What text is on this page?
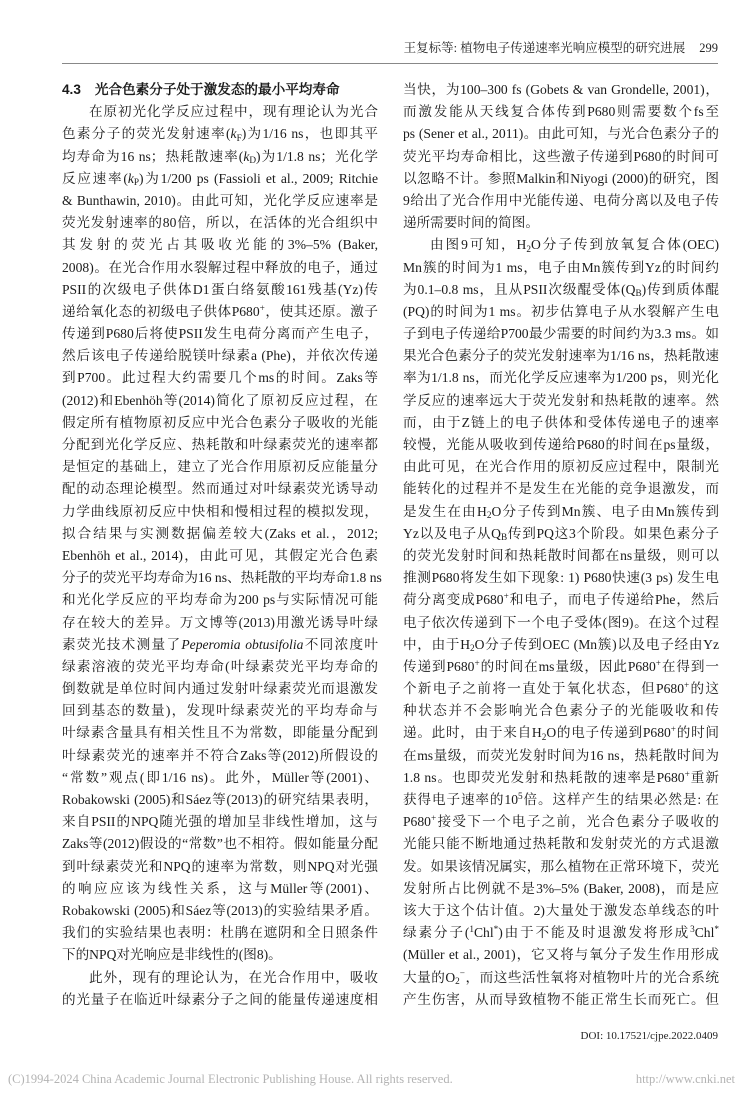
王复标等: 植物电子传递速率光响应模型的研究进展 299
4.3 光合色素分子处于激发态的最小平均寿命
在原初光化学反应过程中，现有理论认为光合
色素分子的荧光发射速率$(k_F)$为1/16 ns，也即其平
均寿命为16 ns；热耗散速率$(k_D)$为1/1.8 ns；光化学
反应速率$(k_P)$为1/200 ps (Fassioli et al., 2009; Ritchie
& Bunthawin, 2010)。由此可知，光化学反应速率是
荧光发射速率的80倍，所以，在活体的光合组织中
其发射的荧光占其吸收光能的3%–5% (Baker,
2008)。在光合作用水裂解过程中释放的电子，通过
PSII的次级电子供体D1蛋白络氨酸161残基(Yz)传
递给氧化态的初级电子供体P680+，使其还原。激子
传递到P680后将使PSII发生电荷分离而产生电子，
然后该电子传递给脱镁叶绿素a (Phe)，并依次传递
到P700。此过程大约需要几个ms的时间。Zaks等
(2012)和Ebenhöh等(2014)简化了原初反应过程，在
假定所有植物原初反应中光合色素分子吸收的光能
分配到光化学反应、热耗散和叶绿素荧光的速率都
是恒定的基础上，建立了光合作用原初反应能量分
配的动态理论模型。然而通过对叶绿素荧光诱导动
力学曲线原初反应中快相和慢相过程的模拟发现，
拟合结果与实测数据偏差较大(Zaks et al.，2012;
Ebenhöh et al., 2014)，由此可见，其假定光合色素
分子的荧光平均寿命为16 ns、热耗散的平均寿命1.8 ns
和光化学反应的平均寿命为200 ps与实际情况可能
存在较大的差异。万文博等(2013)用激光诱导叶绿
素荧光技术测量了Peperomia obtusifolia不同浓度叶
绿素溶液的荧光平均寿命(叶绿素荧光平均寿命的
倒数就是单位时间内通过发射叶绿素荧光而退激发
回到基态的数量)，发现叶绿素荧光的平均寿命与
叶绿素含量具有相关性且不为常数，即能量分配到
叶绿素荧光的速率并不符合Zaks等(2012)所假设的
“常数”观点(即1/16 ns)。此外，Müller等(2001)、
Robakowski (2005)和Sáez等(2013)的研究结果表明，
来自PSII的NPQ随光强的增加呈非线性增加，这与
Zaks等(2012)假设的“常数”也不相符。假如能量分配
到叶绿素荧光和NPQ的速率为常数，则NPQ对光强
的响应应该为线性关系，这与Müller等(2001)、
Robakowski (2005)和Sáez等(2013)的实验结果矛盾。
我们的实验结果也表明：杜鹃在遮阴和全日照条件
下的NPQ对光响应是非线性的(图8)。
此外，现有的理论认为，在光合作用中，吸收
的光量子在临近叶绿素分子之间的能量传递速度相
当快，为100–300 fs (Gobets & van Grondelle, 2001)，
而激发能从天线复合体传到P680则需要数个fs至
ps (Sener et al., 2011)。由此可知，与光合色素分子的
荧光平均寿命相比，这些激子传递到P680的时间可
以忽略不计。参照Malkin和Niyogi (2000)的研究，图
9给出了光合作用中光能传递、电荷分离以及电子传
递所需要时间的简图。
由图9可知，$H_2O$分子传到放氧复合体(OEC)
Mn簇的时间为1 ms，电子由Mn簇传到Yz的时间约
为0.1–0.8 ms，且从PSII次级醌受体$(Q_B)$传到质体醌
(PQ)的时间为1 ms。初步估算电子从水裂解产生电
子到电子传递给P700最少需要的时间约为3.3 ms。如
果光合色素分子的荧光发射速率为1/16 ns，热耗散速
率为1/1.8 ns，而光化学反应速率为1/200 ps，则光化
学反应的速率远大于荧光发射和热耗散的速率。然
而，由于Z链上的电子供体和受体传递电子的速率
较慢，光能从吸收到传递给P680的时间在ps量级，
由此可见，在光合作用的原初反应过程中，限制光
能转化的过程并不是发生在光能的竞争退激发，而
是发生在由$H_2O$分子传到Mn簇、电子由Mn簇传到
Yz以及电子从$Q_B$传到PQ这3个阶段。如果色素分子
的荧光发射时间和热耗散时间都在ns量级，则可以
推测P680将发生如下现象: 1) P680快速(3 ps) 发生电
荷分离变成P680+和电子，而电子传递给Phe，然后
电子依次传递到下一个电子受体(图9)。在这个过程
中，由于$H_2O$分子传到OEC (Mn簇)以及电子经由Yz
传递到P680+的时间在ms量级，因此P680+在得到一
个新电子之前将一直处于氧化状态，但P680+的这
种状态并不会影响光合色素分子的光能吸收和传
递。此时，由于来自$H_2O$的电子传递到P680+的时间
在ms量级，而荧光发射时间为16 ns，热耗散时间为
1.8 ns。也即荧光发射和热耗散的速率是P680+重新
获得电子速率的$10^5$倍。这样产生的结果必然是: 在
P680+接受下一个电子之前，光合色素分子吸收的
光能只能不断地通过热耗散和发射荧光的方式退激
发。如果该情况属实，那么植物在正常环境下，荧光
发射所占比例就不是3%–5% (Baker, 2008)，而是应
该大于这个估计值。2)大量处于激发态单线态的叶
绿素分子($^1$Chl*)由于不能及时退激发将形成$^3$Chl*
(Müller et al., 2001)，它又将与氧分子发生作用形成
大量的$O_2^-$，而这些活性氧将对植物叶片的光合系统
产生伤害，从而导致植物不能正常生长而死亡。但
DOI: 10.17521/cjpe.2022.0409
(C)1994-2024 China Academic Journal Electronic Publishing House. All rights reserved.	http://www.cnki.net
